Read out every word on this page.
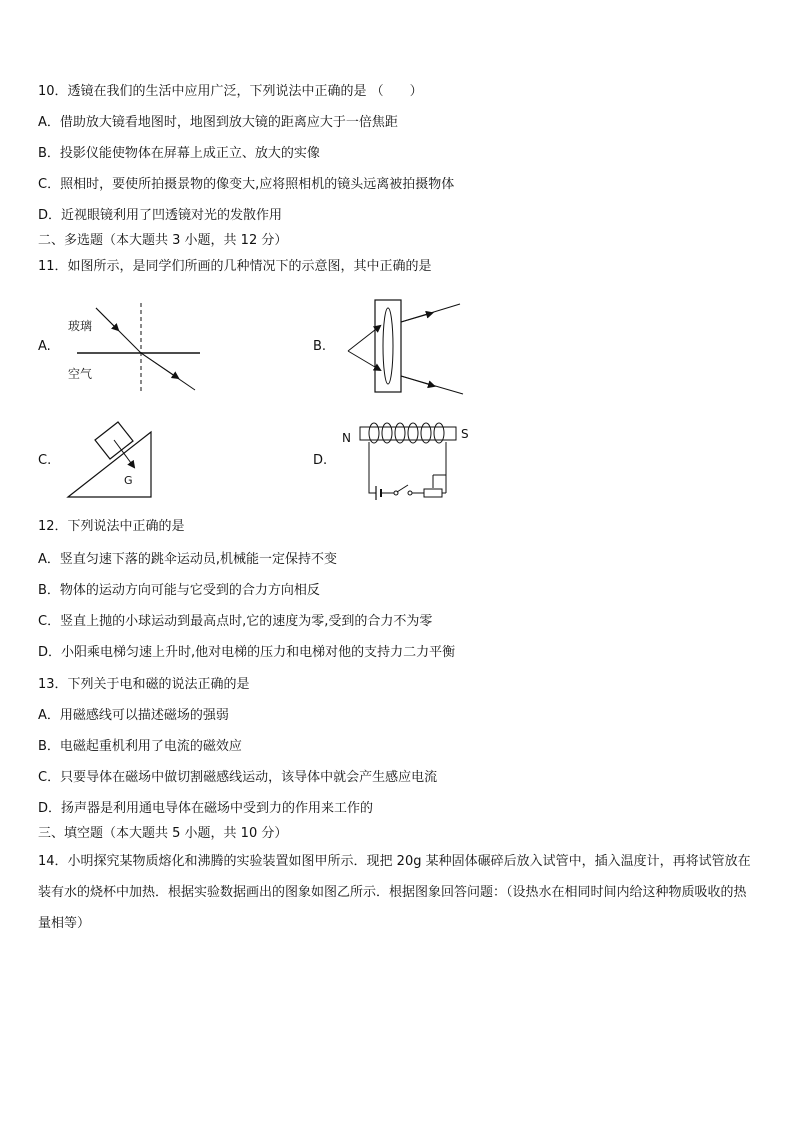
10．透镜在我们的生活中应用广泛，下列说法中正确的是 （　　）
A．借助放大镜看地图时，地图到放大镜的距离应大于一倍焦距
B．投影仪能使物体在屏幕上成正立、放大的实像
C．照相时，要使所拍摄景物的像变大,应将照相机的镜头远离被拍摄物体
D．近视眼镜利用了凹透镜对光的发散作用
二、多选题（本大题共 3 小题，共 12 分）
11．如图所示，是同学们所画的几种情况下的示意图，其中正确的是
A.	B.
C.	D.
玻璃
空气
G
N	S
12．下列说法中正确的是
A．竖直匀速下落的跳伞运动员,机械能一定保持不变
B．物体的运动方向可能与它受到的合力方向相反
C．竖直上抛的小球运动到最高点时,它的速度为零,受到的合力不为零
D．小阳乘电梯匀速上升时,他对电梯的压力和电梯对他的支持力二力平衡
13．下列关于电和磁的说法正确的是
A．用磁感线可以描述磁场的强弱
B．电磁起重机利用了电流的磁效应
C．只要导体在磁场中做切割磁感线运动，该导体中就会产生感应电流
D．扬声器是利用通电导体在磁场中受到力的作用来工作的
三、填空题（本大题共 5 小题，共 10 分）
14．小明探究某物质熔化和沸腾的实验装置如图甲所示．现把 20g 某种固体碾碎后放入试管中，插入温度计，再将试管放在装有水的烧杯中加热．根据实验数据画出的图象如图乙所示．根据图象回答问题：（设热水在相同时间内给这种物质吸收的热量相等）
